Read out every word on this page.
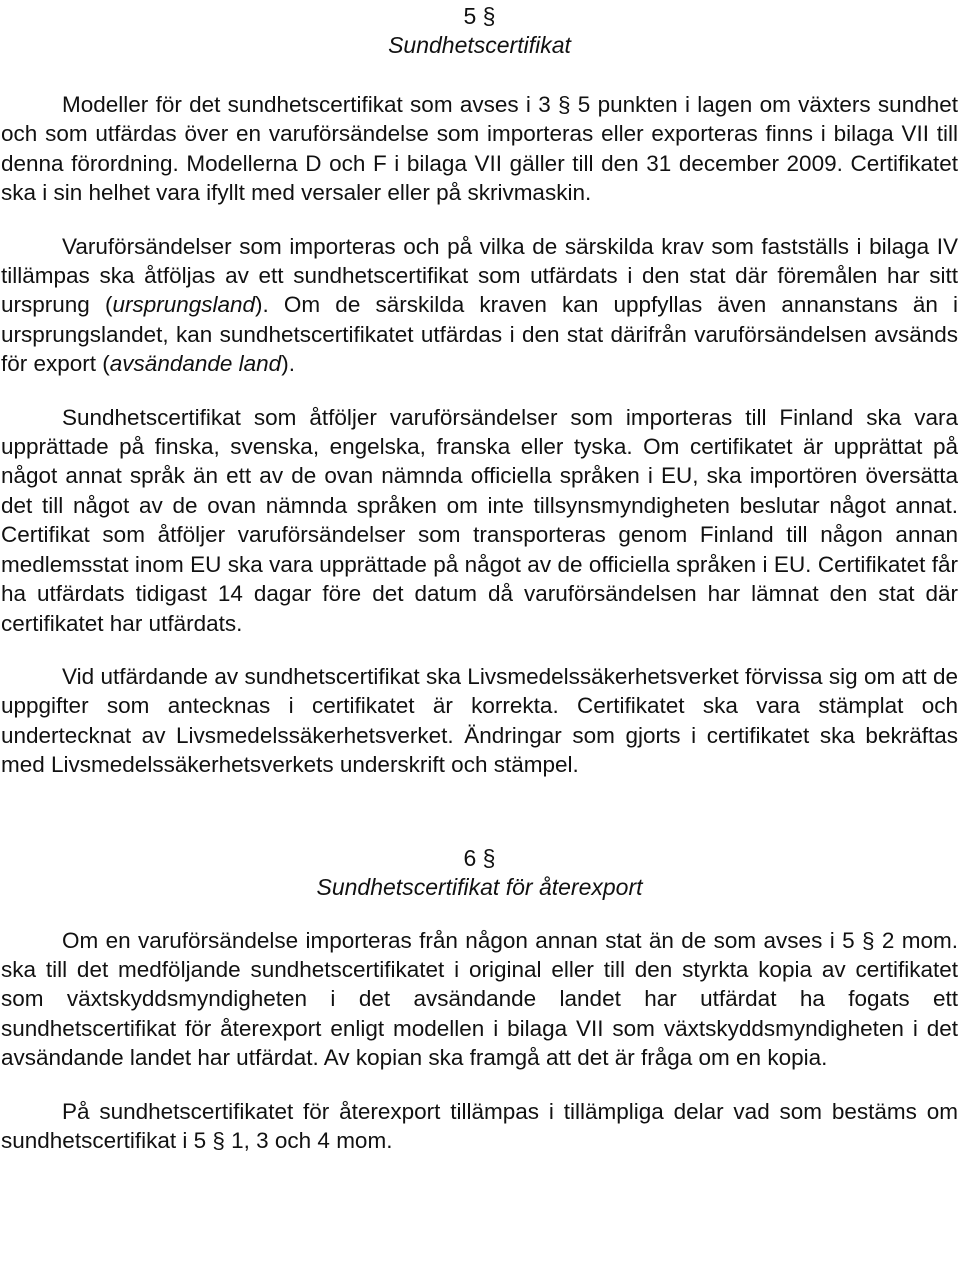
5 §

Sundhetscertifikat

Modeller för det sundhetscertifikat som avses i 3 § 5 punkten i lagen om växters sundhet och som utfärdas över en varuförsändelse som importeras eller exporteras finns i bilaga VII till denna förordning. Modellerna D och F i bilaga VII gäller till den 31 december 2009. Certifikatet ska i sin helhet vara ifyllt med versaler eller på skrivmaskin.

Varuförsändelser som importeras och på vilka de särskilda krav som fastställs i bilaga IV tillämpas ska åtföljas av ett sundhetscertifikat som utfärdats i den stat där föremålen har sitt ursprung (ursprungsland). Om de särskilda kraven kan uppfyllas även annanstans än i ursprungslandet, kan sundhetscertifikatet utfärdas i den stat därifrån varuförsändelsen avsänds för export (avsändande land).

Sundhetscertifikat som åtföljer varuförsändelser som importeras till Finland ska vara upprättade på finska, svenska, engelska, franska eller tyska. Om certifikatet är upprättat på något annat språk än ett av de ovan nämnda officiella språken i EU, ska importören översätta det till något av de ovan nämnda språken om inte tillsynsmyndigheten beslutar något annat. Certifikat som åtföljer varuförsändelser som transporteras genom Finland till någon annan medlemsstat inom EU ska vara upprättade på något av de officiella språken i EU. Certifikatet får ha utfärdats tidigast 14 dagar före det datum då varuförsändelsen har lämnat den stat där certifikatet har utfärdats.

Vid utfärdande av sundhetscertifikat ska Livsmedelssäkerhetsverket förvissa sig om att de uppgifter som antecknas i certifikatet är korrekta. Certifikatet ska vara stämplat och undertecknat av Livsmedelssäkerhetsverket. Ändringar som gjorts i certifikatet ska bekräftas med Livsmedelssäkerhetsverkets underskrift och stämpel.

6 §

Sundhetscertifikat för återexport

Om en varuförsändelse importeras från någon annan stat än de som avses i 5 § 2 mom. ska till det medföljande sundhetscertifikatet i original eller till den styrkta kopia av certifikatet som växtskyddsmyndigheten i det avsändande landet har utfärdat ha fogats ett sundhetscertifikat för återexport enligt modellen i bilaga VII som växtskyddsmyndigheten i det avsändande landet har utfärdat. Av kopian ska framgå att det är fråga om en kopia.

På sundhetscertifikatet för återexport tillämpas i tillämpliga delar vad som bestäms om sundhetscertifikat i 5 § 1, 3 och 4 mom.
